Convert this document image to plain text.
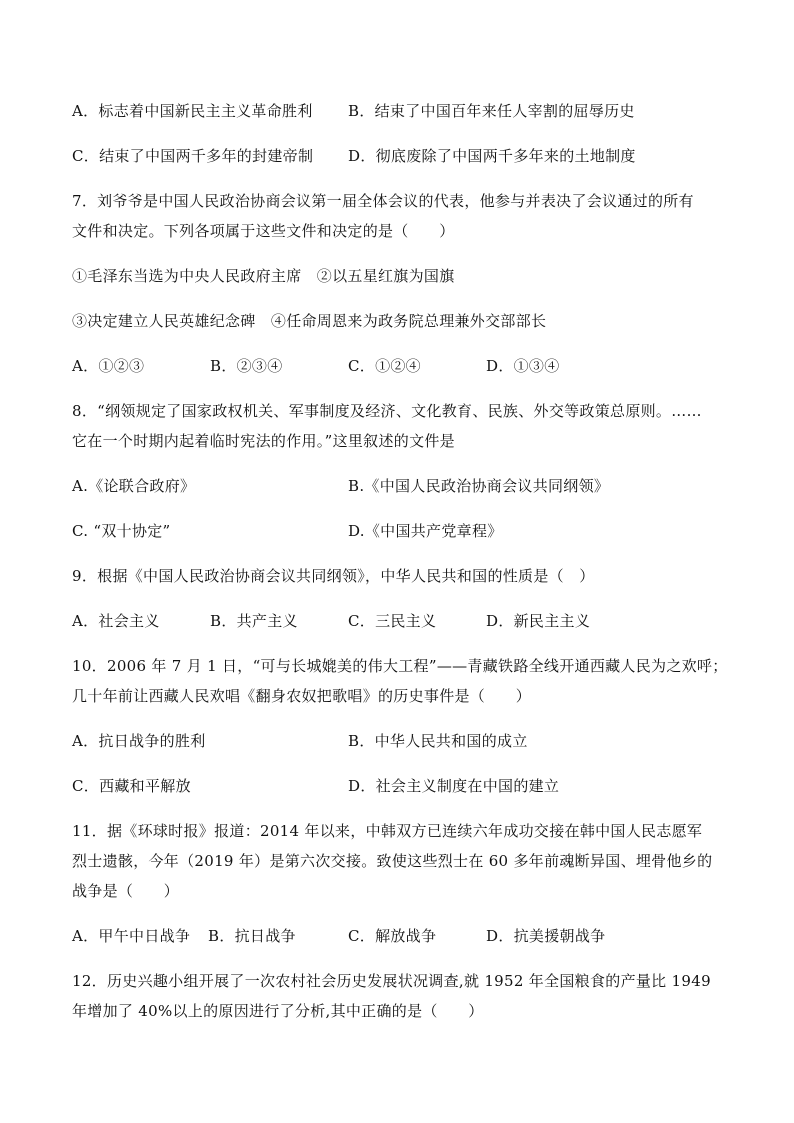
A．标志着中国新民主主义革命胜利 B．结束了中国百年来任人宰割的屈辱历史
C．结束了中国两千多年的封建帝制 D．彻底废除了中国两千多年来的土地制度
7．刘爷爷是中国人民政治协商会议第一届全体会议的代表，他参与并表决了会议通过的所有
文件和决定。下列各项属于这些文件和决定的是（　　）
①毛泽东当选为中央人民政府主席　②以五星红旗为国旗
③决定建立人民英雄纪念碑　④任命周恩来为政务院总理兼外交部部长
A．①②③	B．②③④	C．①②④	D．①③④
8．“纲领规定了国家政权机关、军事制度及经济、文化教育、民族、外交等政策总原则。……
它在一个时期内起着临时宪法的作用。”这里叙述的文件是
A.《论联合政府》	B.《中国人民政治协商会议共同纲领》
C. “双十协定”	D.《中国共产党章程》
9．根据《中国人民政治协商会议共同纲领》，中华人民共和国的性质是（　）
A．社会主义	B．共产主义	C．三民主义	D．新民主主义
10．2006 年 7 月 1 日，“可与长城媲美的伟大工程”——青藏铁路全线开通西藏人民为之欢呼；
几十年前让西藏人民欢唱《翻身农奴把歌唱》的历史事件是（　　）
A．抗日战争的胜利	B．中华人民共和国的成立
C．西藏和平解放	D．社会主义制度在中国的建立
11．据《环球时报》报道：2014 年以来，中韩双方已连续六年成功交接在韩中国人民志愿军
烈士遗骸，今年（2019 年）是第六次交接。致使这些烈士在 60 多年前魂断异国、埋骨他乡的
战争是（　　）
A．甲午中日战争 B．抗日战争	C．解放战争	D．抗美援朝战争
12．历史兴趣小组开展了一次农村社会历史发展状况调查,就 1952 年全国粮食的产量比 1949
年增加了 40%以上的原因进行了分析,其中正确的是（　　）
